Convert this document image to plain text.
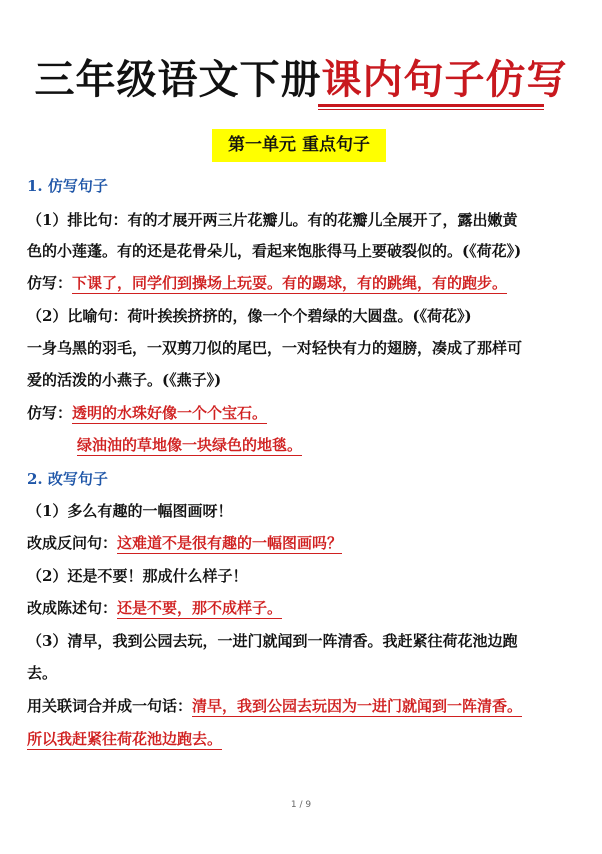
三年级语文下册课内句子仿写
第一单元 重点句子
1. 仿写句子
（1）排比句：有的才展开两三片花瓣儿。有的花瓣儿全展开了，露出嫩黄
色的小莲蓬。有的还是花骨朵儿，看起来饱胀得马上要破裂似的。(《荷花》)
仿写：下课了，同学们到操场上玩耍。有的踢球，有的跳绳，有的跑步。
（2）比喻句：荷叶挨挨挤挤的，像一个个碧绿的大圆盘。(《荷花》)
一身乌黑的羽毛，一双剪刀似的尾巴，一对轻快有力的翅膀，凑成了那样可
爱的活泼的小燕子。(《燕子》)
仿写：透明的水珠好像一个个宝石。
绿油油的草地像一块绿色的地毯。
2. 改写句子
（1）多么有趣的一幅图画呀！
改成反问句：这难道不是很有趣的一幅图画吗？
（2）还是不要！那成什么样子！
改成陈述句：还是不要，那不成样子。
（3）清早，我到公园去玩，一进门就闻到一阵清香。我赶紧往荷花池边跑
去。
用关联词合并成一句话：清早，我到公园去玩因为一进门就闻到一阵清香。
所以我赶紧往荷花池边跑去。
1 / 9
